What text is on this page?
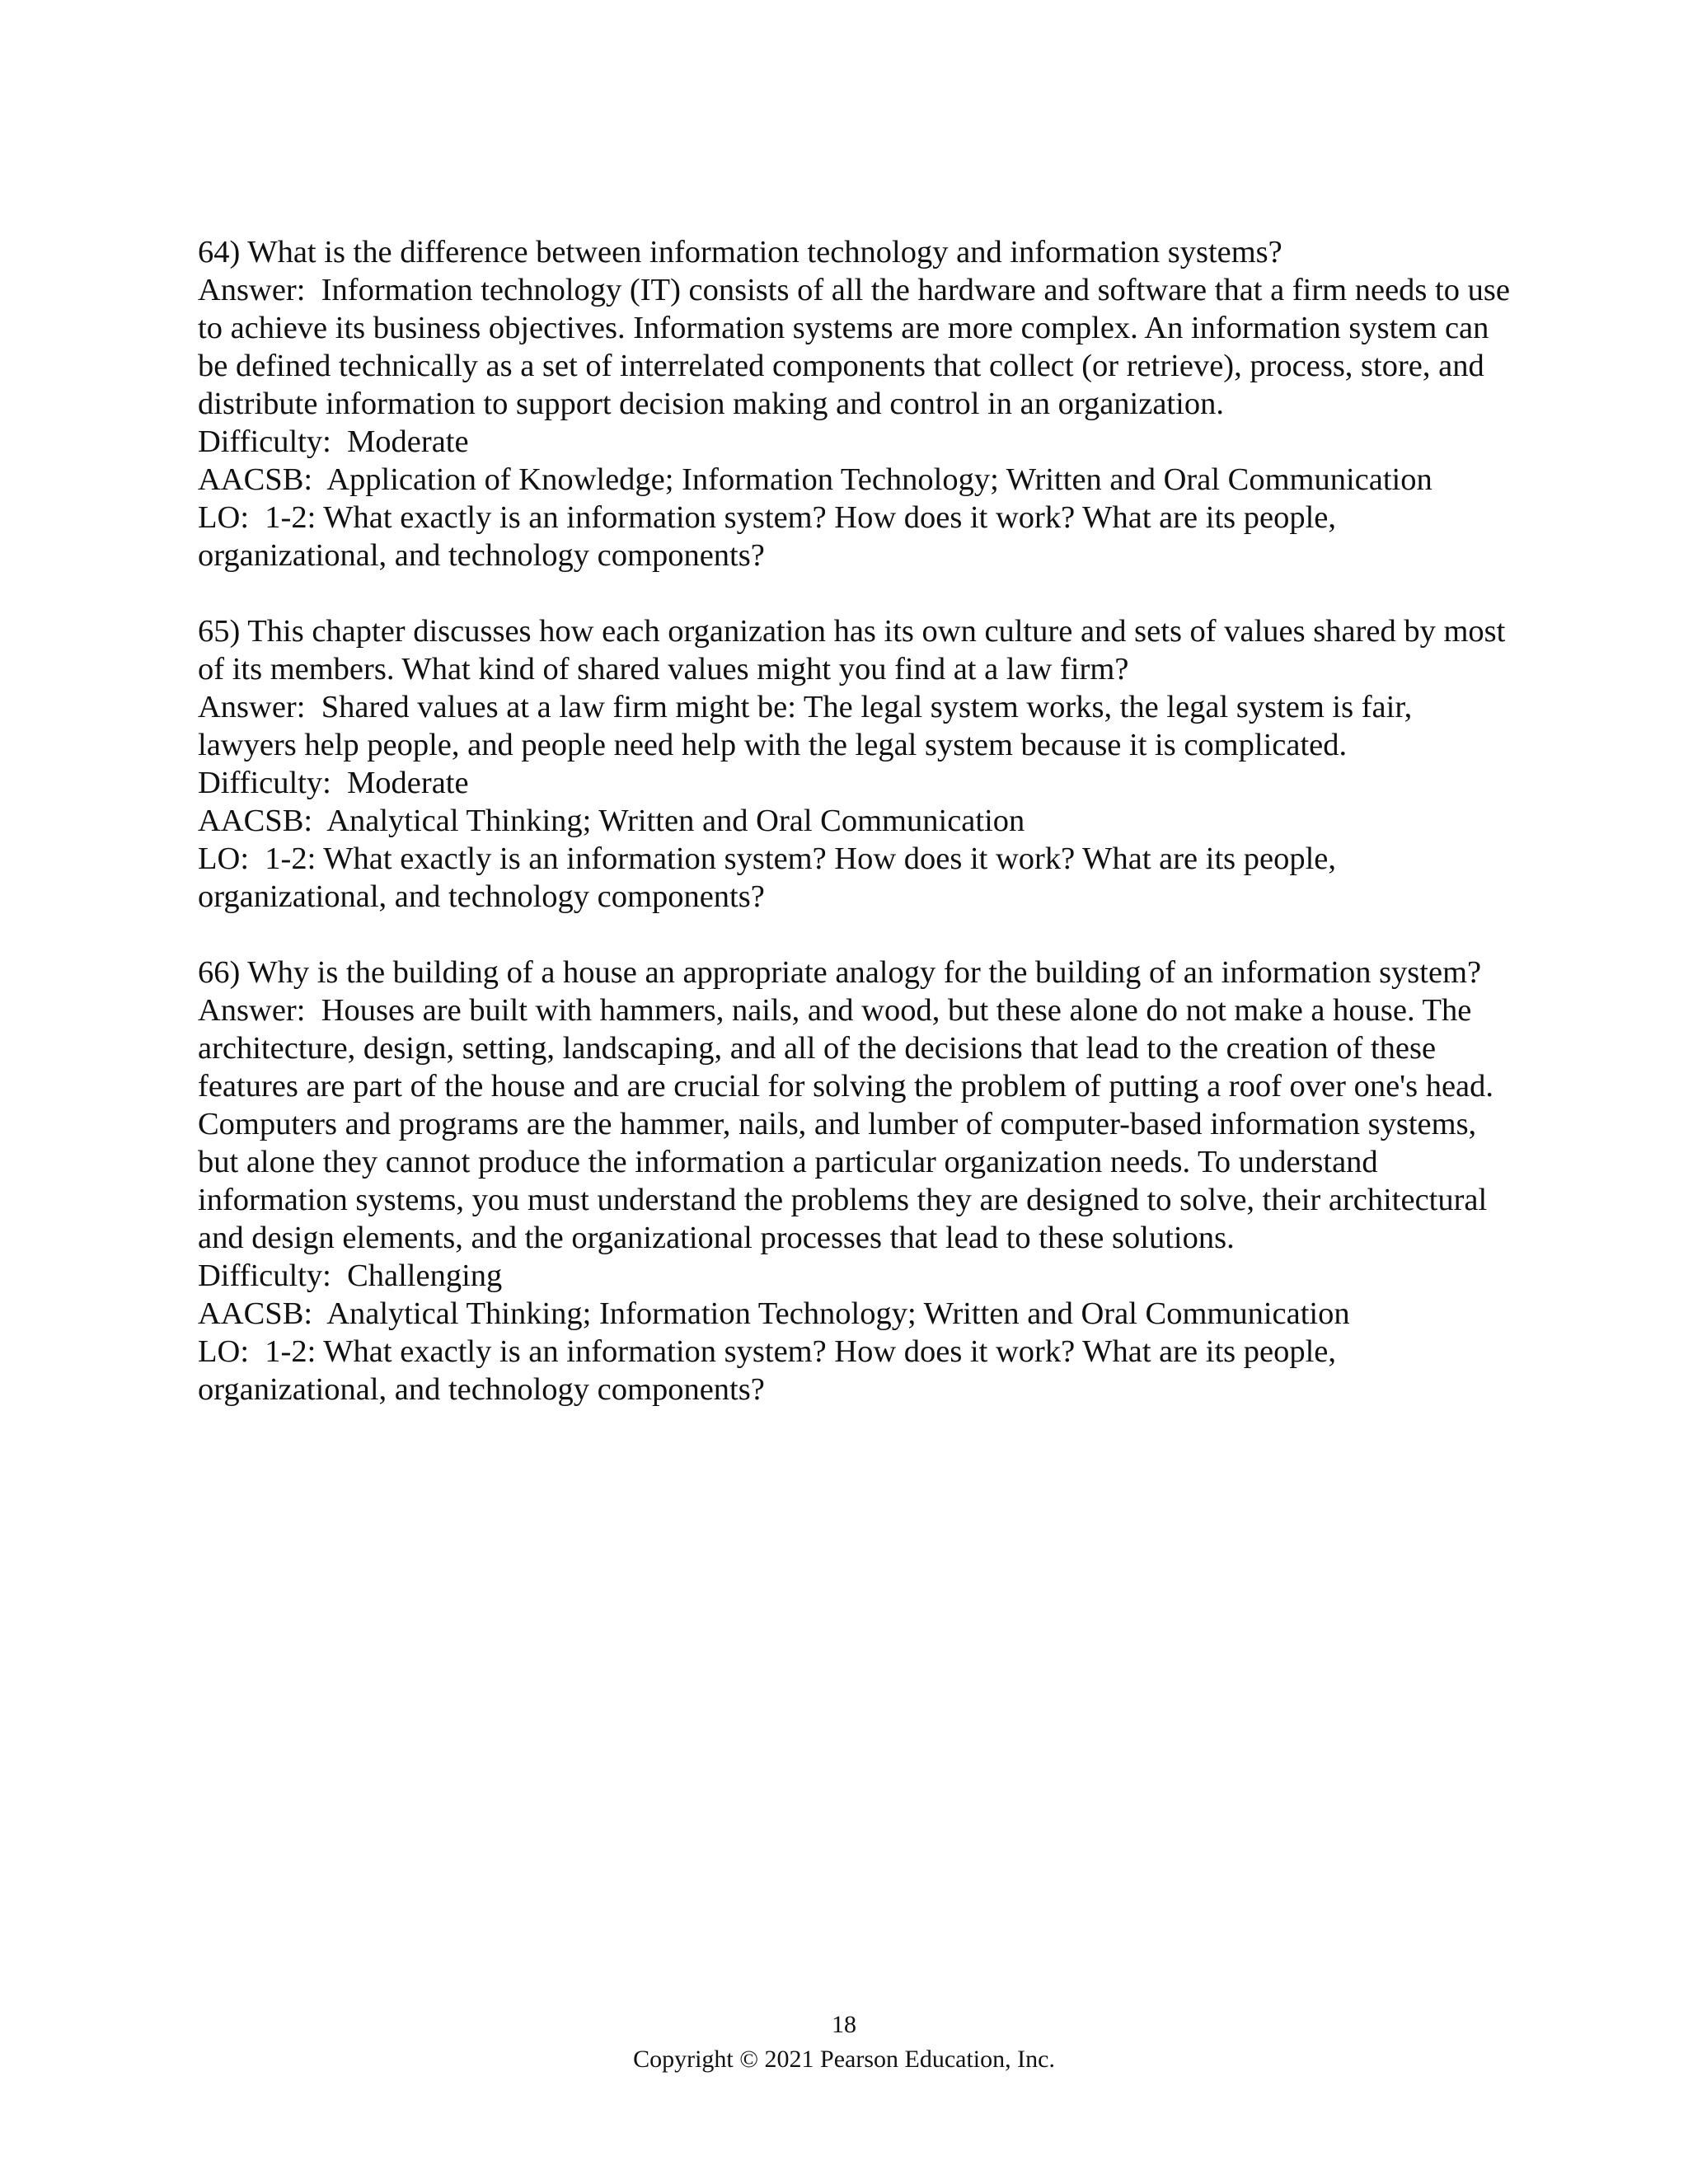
64) What is the difference between information technology and information systems?
Answer:  Information technology (IT) consists of all the hardware and software that a firm needs to use to achieve its business objectives. Information systems are more complex. An information system can be defined technically as a set of interrelated components that collect (or retrieve), process, store, and distribute information to support decision making and control in an organization.
Difficulty:  Moderate
AACSB:  Application of Knowledge; Information Technology; Written and Oral Communication
LO:  1-2: What exactly is an information system? How does it work? What are its people, organizational, and technology components?
65) This chapter discusses how each organization has its own culture and sets of values shared by most of its members. What kind of shared values might you find at a law firm?
Answer:  Shared values at a law firm might be: The legal system works, the legal system is fair, lawyers help people, and people need help with the legal system because it is complicated.
Difficulty:  Moderate
AACSB:  Analytical Thinking; Written and Oral Communication
LO:  1-2: What exactly is an information system? How does it work? What are its people, organizational, and technology components?
66) Why is the building of a house an appropriate analogy for the building of an information system?
Answer:  Houses are built with hammers, nails, and wood, but these alone do not make a house. The architecture, design, setting, landscaping, and all of the decisions that lead to the creation of these features are part of the house and are crucial for solving the problem of putting a roof over one's head. Computers and programs are the hammer, nails, and lumber of computer-based information systems, but alone they cannot produce the information a particular organization needs. To understand information systems, you must understand the problems they are designed to solve, their architectural and design elements, and the organizational processes that lead to these solutions.
Difficulty:  Challenging
AACSB:  Analytical Thinking; Information Technology; Written and Oral Communication
LO:  1-2: What exactly is an information system? How does it work? What are its people, organizational, and technology components?
18
Copyright © 2021 Pearson Education, Inc.
